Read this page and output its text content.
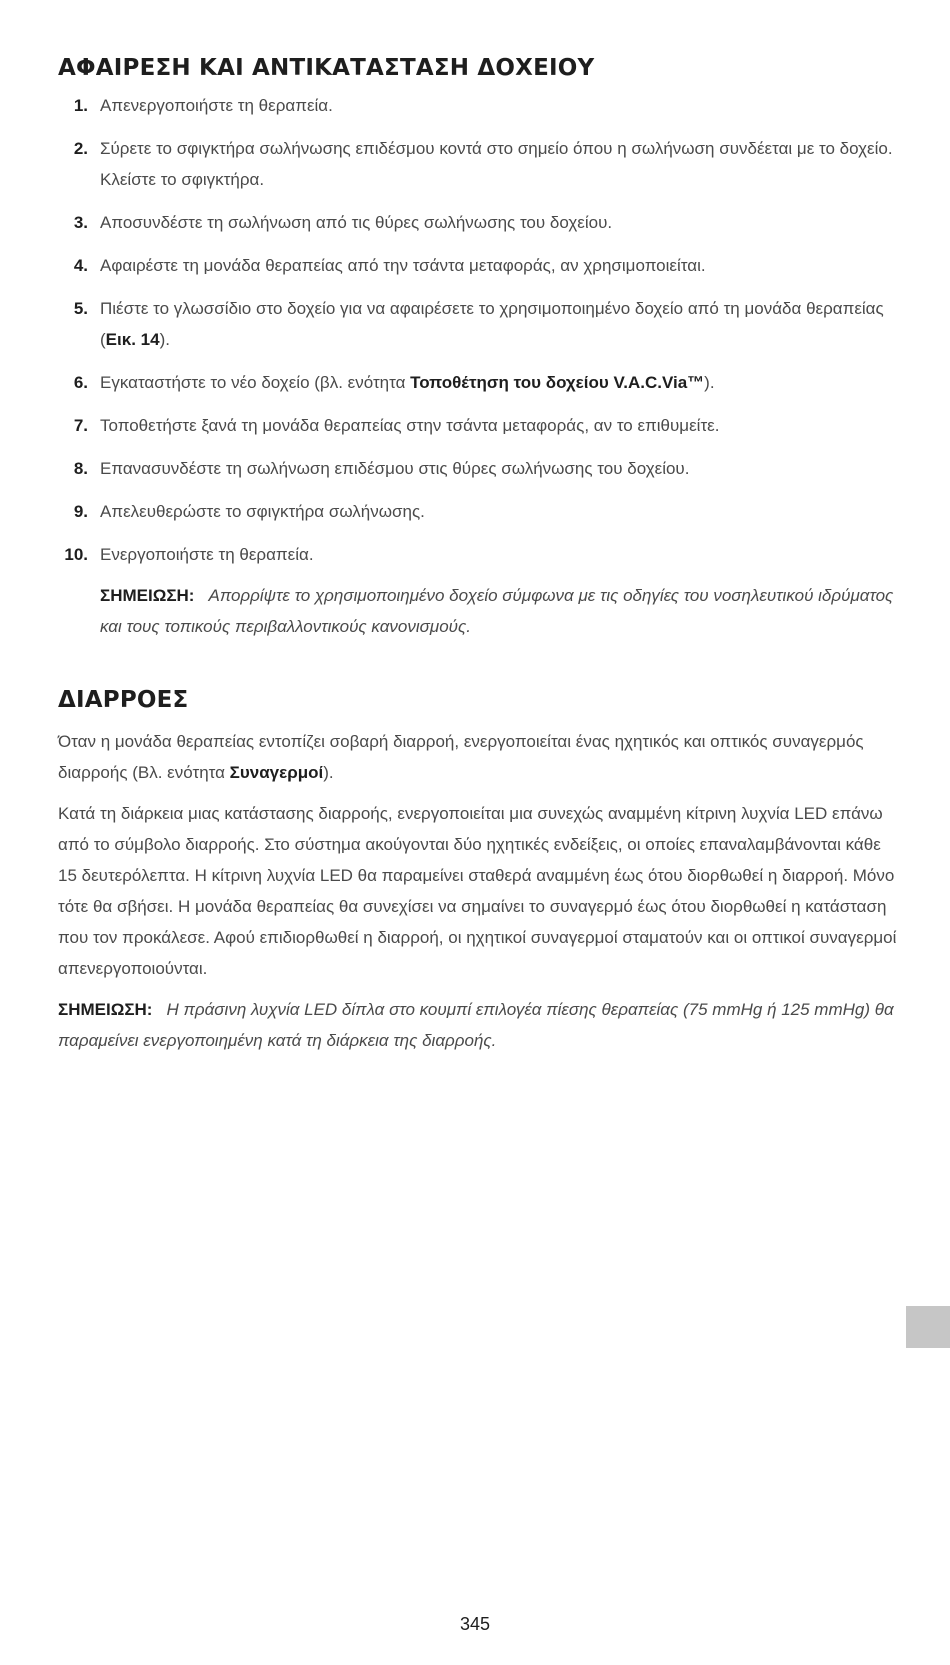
ΑΦΑΙΡΕΣΗ ΚΑΙ ΑΝΤΙΚΑΤΑΣΤΑΣΗ ΔΟΧΕΙΟΥ
1. Απενεργοποιήστε τη θεραπεία.
2. Σύρετε το σφιγκτήρα σωλήνωσης επιδέσμου κοντά στο σημείο όπου η σωλήνωση συνδέεται με το δοχείο. Κλείστε το σφιγκτήρα.
3. Αποσυνδέστε τη σωλήνωση από τις θύρες σωλήνωσης του δοχείου.
4. Αφαιρέστε τη μονάδα θεραπείας από την τσάντα μεταφοράς, αν χρησιμοποιείται.
5. Πιέστε το γλωσσίδιο στο δοχείο για να αφαιρέσετε το χρησιμοποιημένο δοχείο από τη μονάδα θεραπείας (Εικ. 14).
6. Εγκαταστήστε το νέο δοχείο (βλ. ενότητα Τοποθέτηση του δοχείου V.A.C.Via™).
7. Τοποθετήστε ξανά τη μονάδα θεραπείας στην τσάντα μεταφοράς, αν το επιθυμείτε.
8. Επανασυνδέστε τη σωλήνωση επιδέσμου στις θύρες σωλήνωσης του δοχείου.
9. Απελευθερώστε το σφιγκτήρα σωλήνωσης.
10. Ενεργοποιήστε τη θεραπεία.
ΣΗΜΕΙΩΣΗ: Απορρίψτε το χρησιμοποιημένο δοχείο σύμφωνα με τις οδηγίες του νοσηλευτικού ιδρύματος και τους τοπικούς περιβαλλοντικούς κανονισμούς.
ΔΙΑΡΡΟΕΣ

Όταν η μονάδα θεραπείας εντοπίζει σοβαρή διαρροή, ενεργοποιείται ένας ηχητικός και οπτικός συναγερμός διαρροής (Βλ. ενότητα Συναγερμοί).

Κατά τη διάρκεια μιας κατάστασης διαρροής, ενεργοποιείται μια συνεχώς αναμμένη κίτρινη λυχνία LED επάνω από το σύμβολο διαρροής. Στο σύστημα ακούγονται δύο ηχητικές ενδείξεις, οι οποίες επαναλαμβάνονται κάθε 15 δευτερόλεπτα. Η κίτρινη λυχνία LED θα παραμείνει σταθερά αναμμένη έως ότου διορθωθεί η διαρροή. Μόνο τότε θα σβήσει. Η μονάδα θεραπείας θα συνεχίσει να σημαίνει το συναγερμό έως ότου διορθωθεί η κατάσταση που τον προκάλεσε. Αφού επιδιορθωθεί η διαρροή, οι ηχητικοί συναγερμοί σταματούν και οι οπτικοί συναγερμοί απενεργοποιούνται.

ΣΗΜΕΙΩΣΗ: Η πράσινη λυχνία LED δίπλα στο κουμπί επιλογέα πίεσης θεραπείας (75 mmHg ή 125 mmHg) θα παραμείνει ενεργοποιημένη κατά τη διάρκεια της διαρροής.

345
